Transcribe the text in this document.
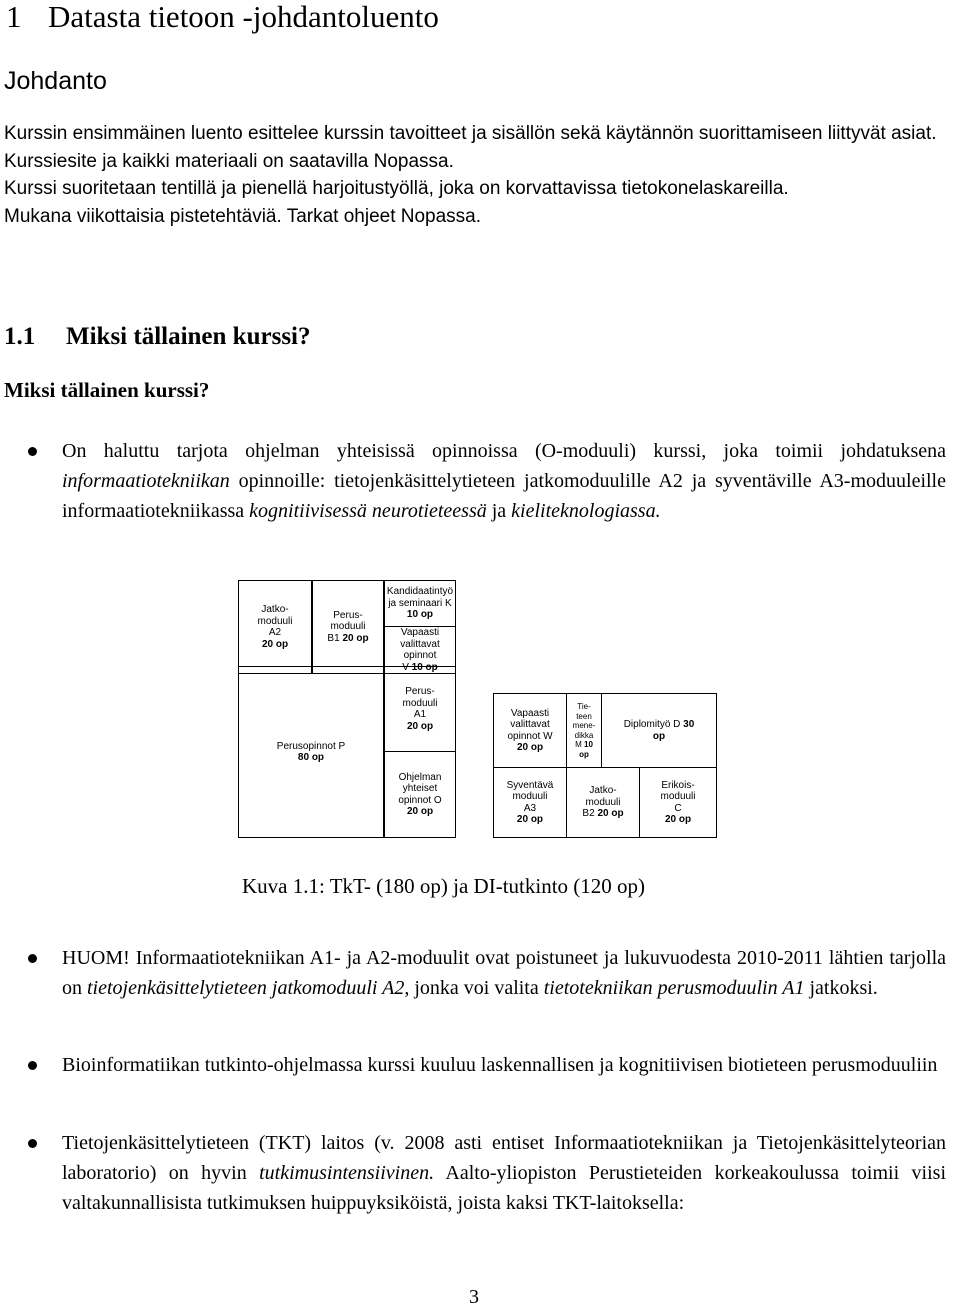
1 Datasta tietoon -johdantoluento
Johdanto

Kurssin ensimmäinen luento esittelee kurssin tavoitteet ja sisällön sekä käytännön suorittamiseen liittyvät asiat.

Kurssiesite ja kaikki materiaali on saatavilla Nopassa.

Kurssi suoritetaan tentillä ja pienellä harjoitustyöllä, joka on korvattavissa tietokonelaskareilla.

Mukana viikottaisia pistetehtäviä. Tarkat ohjeet Nopassa.

1.1 Miksi tällainen kurssi?
Miksi tällainen kurssi?
On haluttu tarjota ohjelman yhteisissä opinnoissa (O-moduuli) kurssi, joka toimii johdatuksena informaatiotekniikan opinnoille: tietojenkäsittelytieteen jatkomoduulille A2 ja syventäville A3-moduuleille informaatiotekniikassa kognitiivisessä neurotieteessä ja kieliteknologiassa.
Jatko-
moduuli
A2
20 op
Perus-
moduuli
B1 20 op
Kandidaatintyö
ja seminaari K
10 op
Vapaasti
valittavat opinnot
V 10 op
Perusopinnot P
80 op
Perus-
moduuli
A1
20 op
Ohjelman
yhteiset
opinnot O
20 op
Vapaasti
valittavat
opinnot W
20 op
Tie-
teen
mene-
dikka
M 10
op
Diplomityö D 30
op
Syventävä
moduuli
A3
20 op
Jatko-
moduuli
B2 20 op
Erikois-
moduuli
C
20 op
Kuva 1.1: TkT- (180 op) ja DI-tutkinto (120 op)
HUOM! Informaatiotekniikan A1- ja A2-moduulit ovat poistuneet ja lukuvuodesta 2010-2011 lähtien tarjolla on tietojenkäsittelytieteen jatkomoduuli A2, jonka voi valita tietotekniikan perusmoduulin A1 jatkoksi.
Bioinformatiikan tutkinto-ohjelmassa kurssi kuuluu laskennallisen ja kognitiivisen biotieteen perusmoduuliin
Tietojenkäsittelytieteen (TKT) laitos (v. 2008 asti entiset Informaatiotekniikan ja Tietojenkäsittelyteorian laboratorio) on hyvin tutkimusintensiivinen. Aalto-yliopiston Perustieteiden korkeakoulussa toimii viisi valtakunnallisista tutkimuksen huippuyksiköistä, joista kaksi TKT-laitoksella:
3
